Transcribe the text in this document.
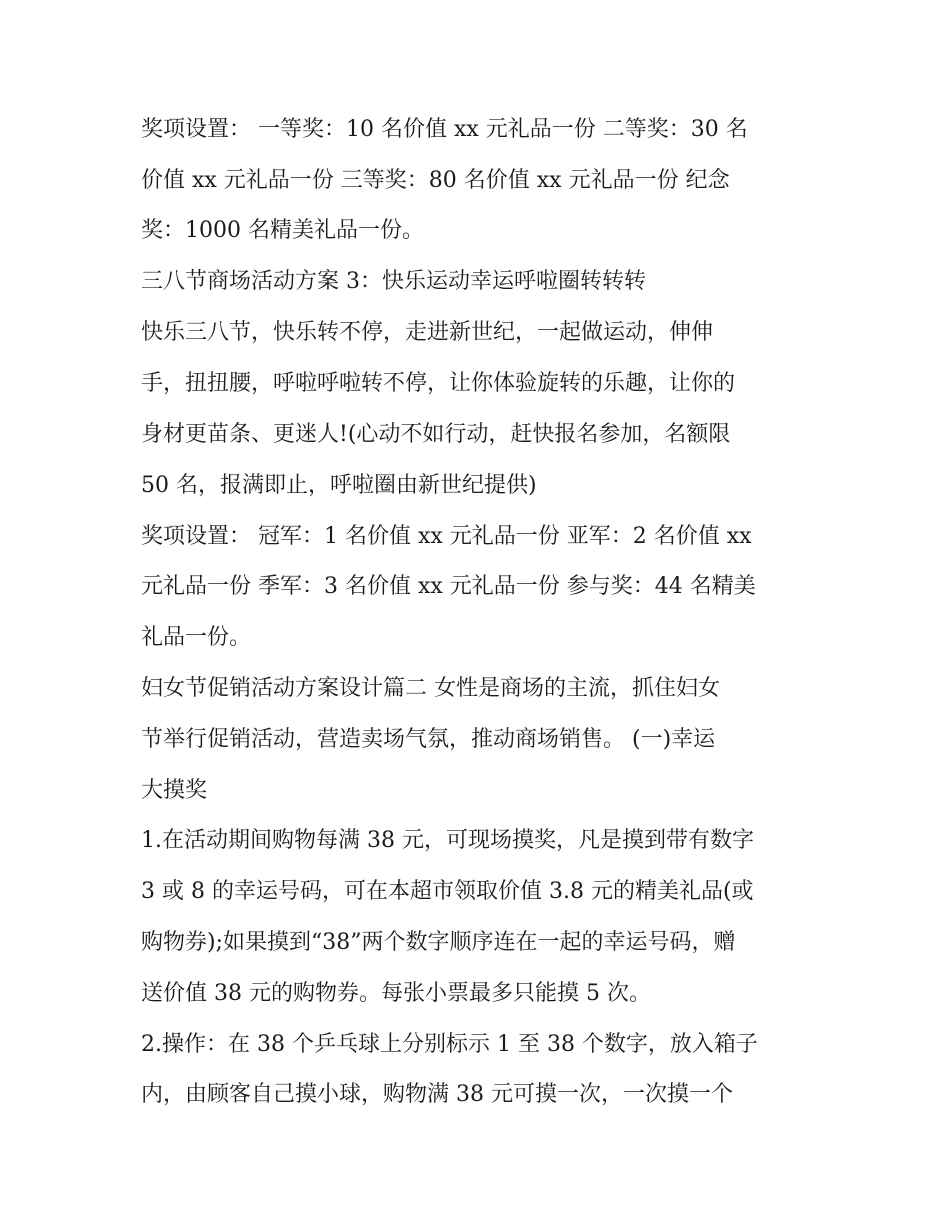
奖项设置： 一等奖：10 名价值 xx 元礼品一份 二等奖：30 名

价值 xx 元礼品一份 三等奖：80 名价值 xx 元礼品一份 纪念

奖：1000 名精美礼品一份。

三八节商场活动方案 3：快乐运动幸运呼啦圈转转转

快乐三八节，快乐转不停，走进新世纪，一起做运动，伸伸

手，扭扭腰，呼啦呼啦转不停，让你体验旋转的乐趣，让你的

身材更苗条、更迷人!(心动不如行动，赶快报名参加，名额限

50 名，报满即止，呼啦圈由新世纪提供)

奖项设置： 冠军：1 名价值 xx 元礼品一份 亚军：2 名价值 xx

元礼品一份 季军：3 名价值 xx 元礼品一份 参与奖：44 名精美

礼品一份。

妇女节促销活动方案设计篇二 女性是商场的主流，抓住妇女

节举行促销活动，营造卖场气氛，推动商场销售。 (一)幸运

大摸奖

1.在活动期间购物每满 38 元，可现场摸奖，凡是摸到带有数字

3 或 8 的幸运号码，可在本超市领取价值 3.8 元的精美礼品(或

购物券);如果摸到“38”两个数字顺序连在一起的幸运号码，赠

送价值 38 元的购物券。每张小票最多只能摸 5 次。

2.操作：在 38 个乒乓球上分别标示 1 至 38 个数字，放入箱子

内，由顾客自己摸小球，购物满 38 元可摸一次，一次摸一个
